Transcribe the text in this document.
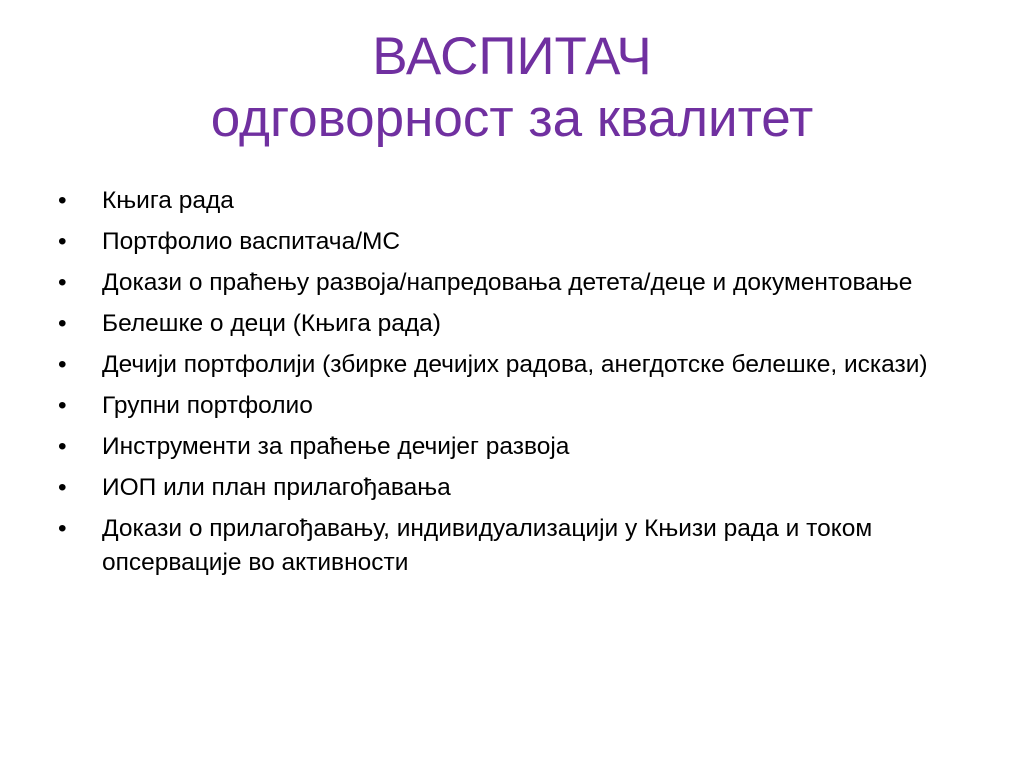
ВАСПИТАЧ
одговорност за квалитет
•	Књига рада
•	Портфолио васпитача/МС
•	Докази о праћењу развоја/напредовања детета/деце и документовање
•	Белешке о деци (Књига рада)
•	Дечији портфолији (збирке дечијих радова, анегдотске белешке, искази)
•	Групни портфолио
•	Инструменти за праћење дечијег развоја
•	ИОП или план прилагођавања
•	Докази о прилагођавању, индивидуализацији у Књизи рада и током опсервације во активности
